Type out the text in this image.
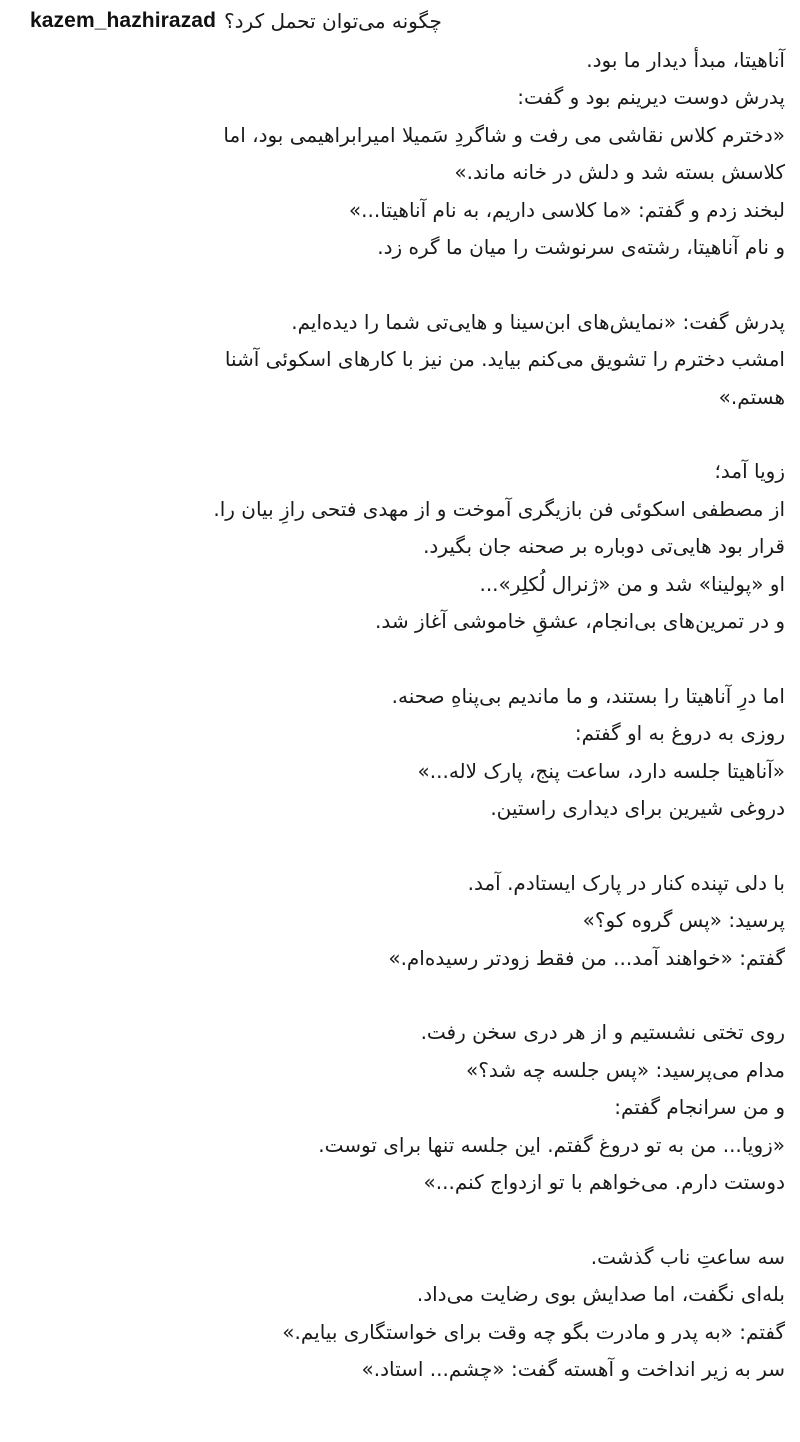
kazem_hazhirazad چگونه می‌توان تحمل کرد؟
آناهیتا، مبدأ دیدار ما بود.
پدرش دوست دیرینم بود و گفت:
«دخترم کلاس نقاشی می رفت و شاگردِ سَمیلا امیرابراهیمی بود، اما
کلاسش بسته شد و دلش در خانه ماند.»
لبخند زدم و گفتم: «ما کلاسی داریم، به نام آناهیتا...»
و نام آناهیتا، رشته‌ی سرنوشت را میان ما گره زد.
پدرش گفت: «نمایش‌های ابن‌سینا و هایی‌تی شما را دیده‌ایم.
امشب دخترم را تشویق می‌کنم بیاید. من نیز با کارهای اسکوئی آشنا
هستم.»
زویا آمد؛
از مصطفی اسکوئی فن بازیگری آموخت و از مهدی فتحی رازِ بیان را.
قرار بود هایی‌تی دوباره بر صحنه جان بگیرد.
او «پولینا» شد و من «ژنرال لُکلِر»...
و در تمرین‌های بی‌انجام، عشقِ خاموشی آغاز شد.
اما درِ آناهیتا را بستند، و ما ماندیم بی‌پناهِ صحنه.
روزی به دروغ به او گفتم:
«آناهیتا جلسه دارد، ساعت پنج، پارک لاله...»
دروغی شیرین برای دیداری راستین.
با دلی تپنده کنار در پارک ایستادم. آمد.
پرسید: «پس گروه کو؟»
گفتم: «خواهند آمد... من فقط زودتر رسیده‌ام.»
روی تختی نشستیم و از هر دری سخن رفت.
مدام می‌پرسید: «پس جلسه چه شد؟»
و من سرانجام گفتم:
«زویا... من به تو دروغ گفتم. این جلسه تنها برای توست.
دوستت دارم. می‌خواهم با تو ازدواج کنم...»
سه ساعتِ ناب گذشت.
بله‌ای نگفت، اما صدایش بوی رضایت می‌داد.
گفتم: «به پدر و مادرت بگو چه وقت برای خواستگاری بیایم.»
سر به زیر انداخت و آهسته گفت: «چشم... استاد.»
